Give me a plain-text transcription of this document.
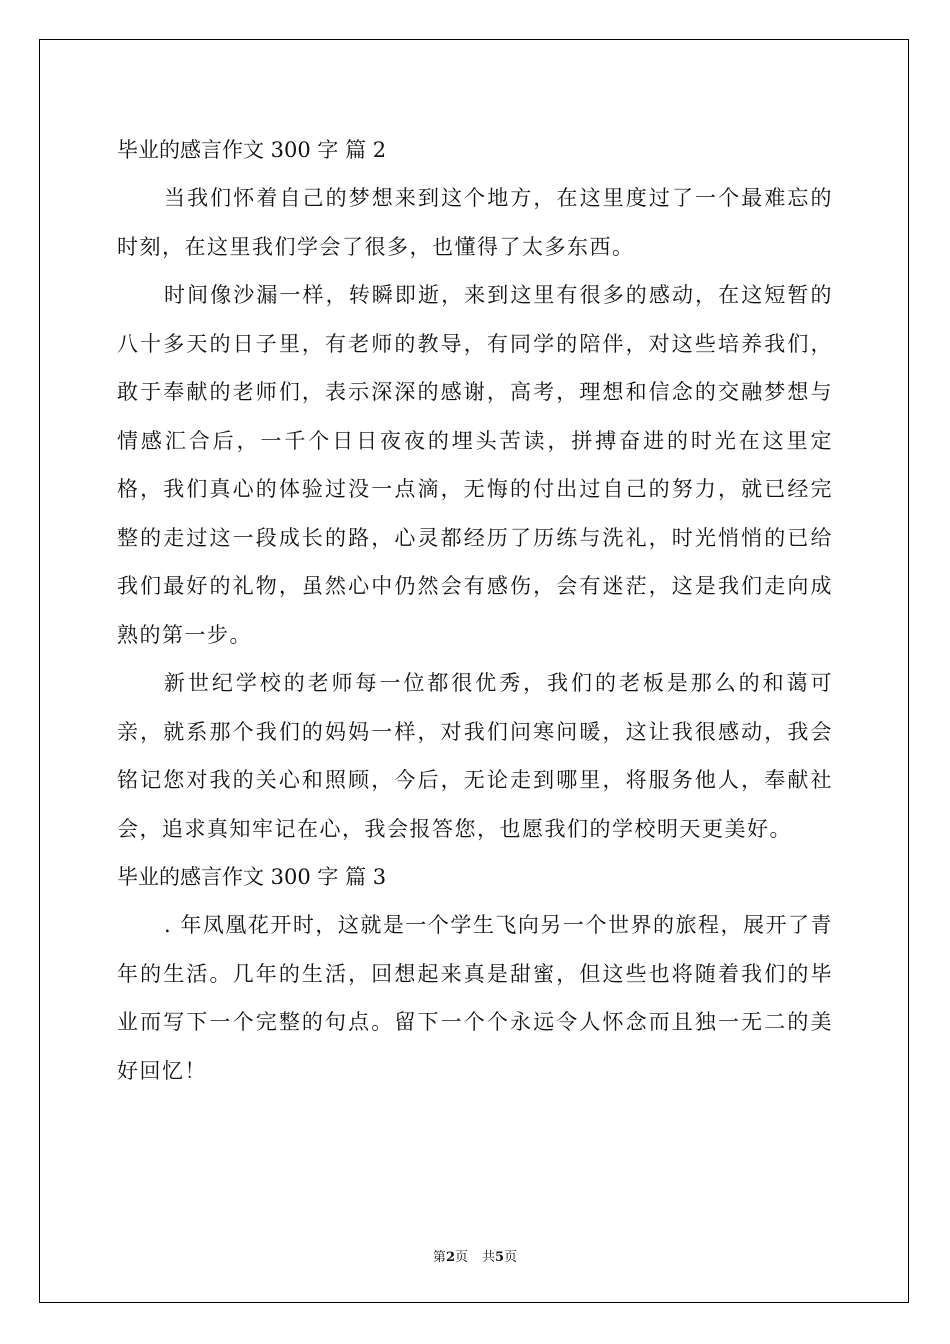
毕业的感言作文 300 字 篇 2

当我们怀着自己的梦想来到这个地方，在这里度过了一个最难忘的时刻，在这里我们学会了很多，也懂得了太多东西。

时间像沙漏一样，转瞬即逝，来到这里有很多的感动，在这短暂的八十多天的日子里，有老师的教导，有同学的陪伴，对这些培养我们，敢于奉献的老师们，表示深深的感谢，高考，理想和信念的交融梦想与情感汇合后，一千个日日夜夜的埋头苦读，拼搏奋进的时光在这里定格，我们真心的体验过没一点滴，无悔的付出过自己的努力，就已经完整的走过这一段成长的路，心灵都经历了历练与洗礼，时光悄悄的已给我们最好的礼物，虽然心中仍然会有感伤，会有迷茫，这是我们走向成熟的第一步。

新世纪学校的老师每一位都很优秀，我们的老板是那么的和蔼可亲，就系那个我们的妈妈一样，对我们问寒问暖，这让我很感动，我会铭记您对我的关心和照顾，今后，无论走到哪里，将服务他人，奉献社会，追求真知牢记在心，我会报答您，也愿我们的学校明天更美好。

毕业的感言作文 300 字 篇 3

. 年凤凰花开时，这就是一个学生飞向另一个世界的旅程，展开了青年的生活。几年的生活，回想起来真是甜蜜，但这些也将随着我们的毕业而写下一个完整的句点。留下一个个永远令人怀念而且独一无二的美好回忆！

第2页 共5页
